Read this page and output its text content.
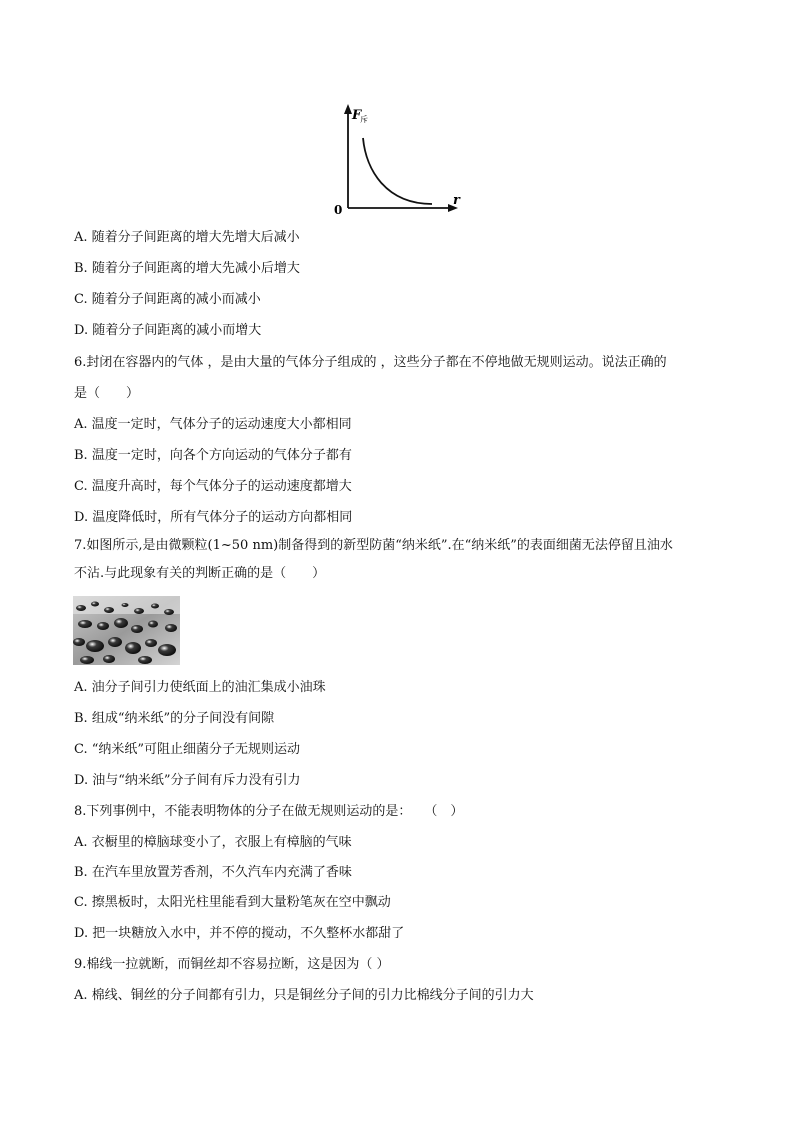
F
斥
r
0
A. 随着分子间距离的增大先增大后减小
B. 随着分子间距离的增大先减小后增大
C. 随着分子间距离的减小而减小
D. 随着分子间距离的减小而增大
6.封闭在容器内的气体 ，是由大量的气体分子组成的 ，这些分子都在不停地做无规则运动。说法正确的
是（　　）
A. 温度一定时，气体分子的运动速度大小都相同
B. 温度一定时，向各个方向运动的气体分子都有
C. 温度升高时，每个气体分子的运动速度都增大
D. 温度降低时，所有气体分子的运动方向都相同
7.如图所示,是由微颗粒(1~50 nm)制备得到的新型防菌“纳米纸”.在“纳米纸”的表面细菌无法停留且油水
不沾.与此现象有关的判断正确的是（　　）
A. 油分子间引力使纸面上的油汇集成小油珠
B. 组成“纳米纸”的分子间没有间隙
C. “纳米纸”可阻止细菌分子无规则运动
D. 油与“纳米纸”分子间有斥力没有引力
8.下列事例中，不能表明物体的分子在做无规则运动的是：　　（　）
A. 衣橱里的樟脑球变小了，衣服上有樟脑的气味
B. 在汽车里放置芳香剂，不久汽车内充满了香味
C. 擦黑板时，太阳光柱里能看到大量粉笔灰在空中飘动
D. 把一块糖放入水中，并不停的搅动，不久整杯水都甜了
9.棉线一拉就断，而铜丝却不容易拉断，这是因为（ ）
A. 棉线、铜丝的分子间都有引力，只是铜丝分子间的引力比棉线分子间的引力大
